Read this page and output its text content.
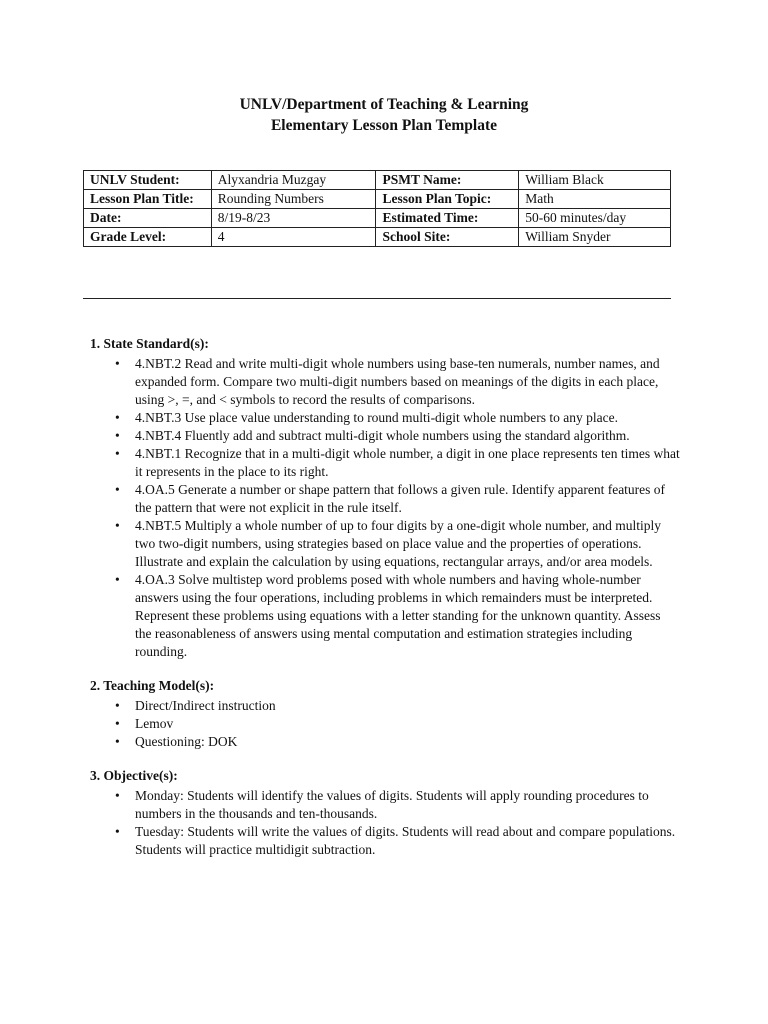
UNLV/Department of Teaching & Learning
Elementary Lesson Plan Template
UNLV Student:	Alyxandria Muzgay	PSMT Name:	William Black
Lesson Plan Title:	Rounding Numbers	Lesson Plan Topic:	Math
Date:	8/19-8/23	Estimated Time:	50-60 minutes/day
Grade Level:	4	School Site:	William Snyder
1. State Standard(s):
• 4.NBT.2 Read and write multi-digit whole numbers using base-ten numerals, number names, and expanded form. Compare two multi-digit numbers based on meanings of the digits in each place, using >, =, and < symbols to record the results of comparisons.
• 4.NBT.3 Use place value understanding to round multi-digit whole numbers to any place.
• 4.NBT.4 Fluently add and subtract multi-digit whole numbers using the standard algorithm.
• 4.NBT.1 Recognize that in a multi-digit whole number, a digit in one place represents ten times what it represents in the place to its right.
• 4.OA.5 Generate a number or shape pattern that follows a given rule. Identify apparent features of the pattern that were not explicit in the rule itself.
• 4.NBT.5 Multiply a whole number of up to four digits by a one-digit whole number, and multiply two two-digit numbers, using strategies based on place value and the properties of operations. Illustrate and explain the calculation by using equations, rectangular arrays, and/or area models.
• 4.OA.3 Solve multistep word problems posed with whole numbers and having whole-number answers using the four operations, including problems in which remainders must be interpreted. Represent these problems using equations with a letter standing for the unknown quantity. Assess the reasonableness of answers using mental computation and estimation strategies including rounding.
2. Teaching Model(s):
• Direct/Indirect instruction
• Lemov
• Questioning: DOK
3. Objective(s):
• Monday: Students will identify the values of digits. Students will apply rounding procedures to numbers in the thousands and ten-thousands.
• Tuesday: Students will write the values of digits. Students will read about and compare populations. Students will practice multidigit subtraction.
